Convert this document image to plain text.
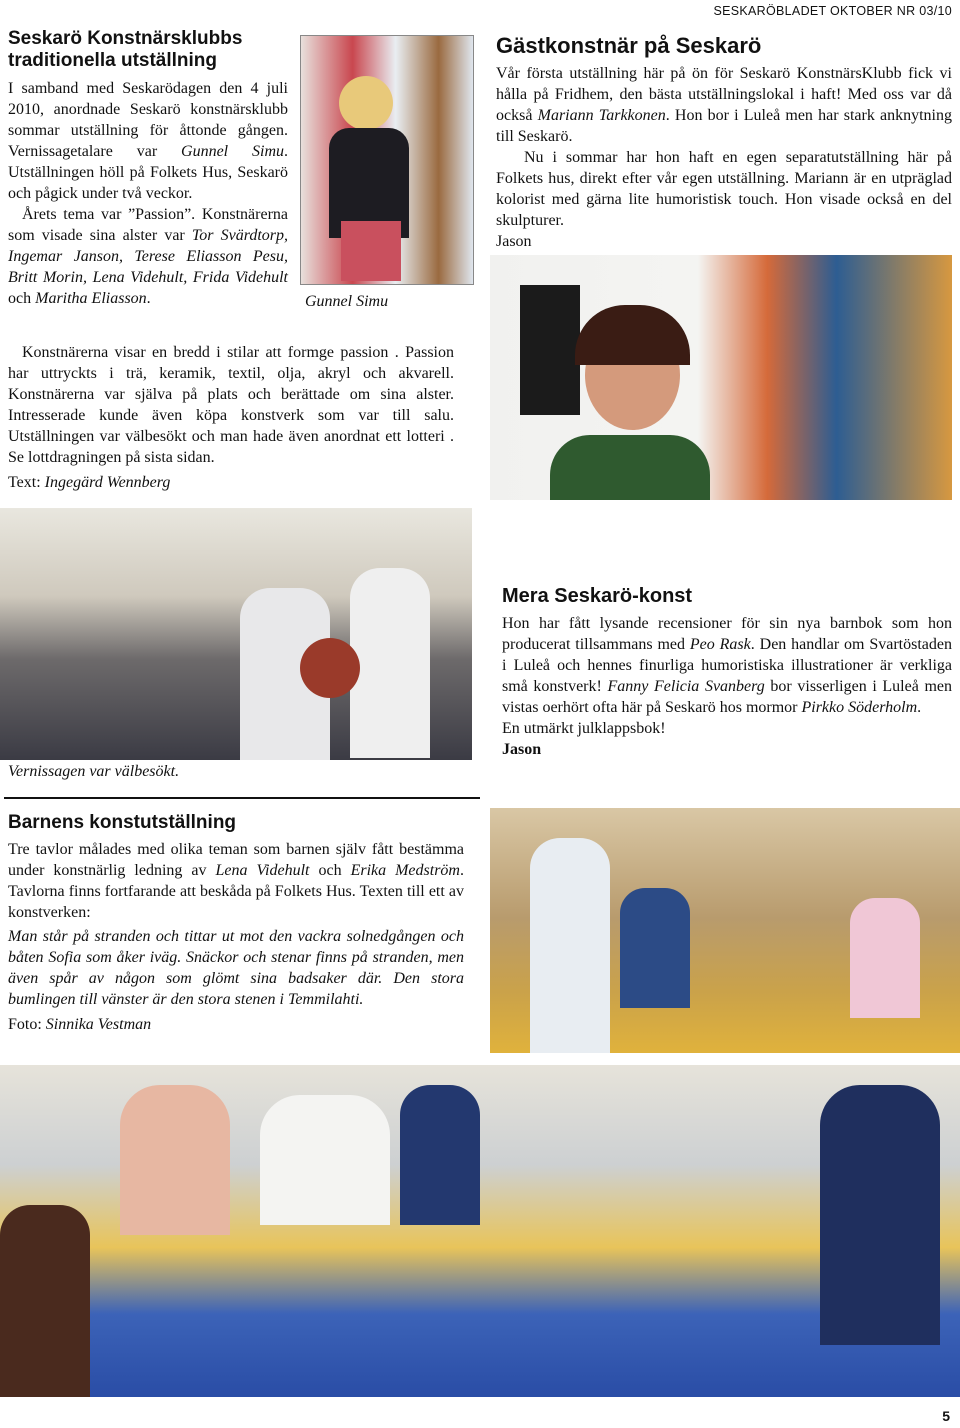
SESKARÖBLADET OKTOBER NR 03/10
Seskarö Konstnärsklubbs
traditionella utställning

I samband med Seskarödagen den 4 juli 2010, anordnade Seskarö konstnärsklubb sommar utställning för åttonde gången. Vernissagetalare var Gunnel Simu. Utställningen höll på Folkets Hus, Seskarö och pågick under två veckor.

Årets tema var ”Passion”. Konstnärerna som visade sina alster var Tor Svärdtorp, Ingemar Janson, Terese Eliasson Pesu, Britt Morin, Lena Videhult, Frida Videhult och Maritha Eliasson.	Gunnel Simu

Konstnärerna visar en bredd i stilar att formge passion . Passion har uttryckts i trä, keramik, textil, olja, akryl och akvarell. Konstnärerna var själva på plats och berättade om sina alster. Intresserade kunde även köpa konstverk som var till salu. Utställningen var välbesökt och man hade även anordnat ett lotteri . Se lottdragningen på sista sidan.

Text: Ingegärd Wennberg

Gästkonstnär på Seskarö

Vår första utställning här på ön för Seskarö KonstnärsKlubb fick vi hålla på Fridhem, den bästa utställningslokal i haft! Med oss var då också Mariann Tarkkonen. Hon bor i Luleå men har stark anknytning till Seskarö.

Nu i sommar har hon haft en egen separatutställning här på Folkets hus, direkt efter vår egen utställning. Mariann är en utpräglad kolorist med gärna lite humoristisk touch. Hon visade också en del skulpturer.

Jason

Vernissagen var välbesökt.
Mera Seskarö-konst

Hon har fått lysande recensioner för sin nya barnbok som hon producerat tillsammans med Peo Rask. Den handlar om Svartöstaden i Luleå och hennes finurliga humoristiska illustrationer är verkliga små konstverk! Fanny Felicia Svanberg bor visserligen i Luleå men vistas oerhört ofta här på Seskarö hos mormor Pirkko Söderholm.

En utmärkt julklappsbok!

Jason

Barnens konstutställning

Tre tavlor målades med olika teman som barnen själv fått bestämma under konstnärlig ledning av Lena Videhult och Erika Medström. Tavlorna finns fortfarande att beskåda på Folkets Hus. Texten till ett av konstverken:

Man står på stranden och tittar ut mot den vackra solnedgången och båten Sofia som åker iväg. Snäckor och stenar finns på stranden, men även spår av någon som glömt sina badsaker där. Den stora bumlingen till vänster är den stora stenen i Temmilahti.

Foto: Sinnika Vestman

5
